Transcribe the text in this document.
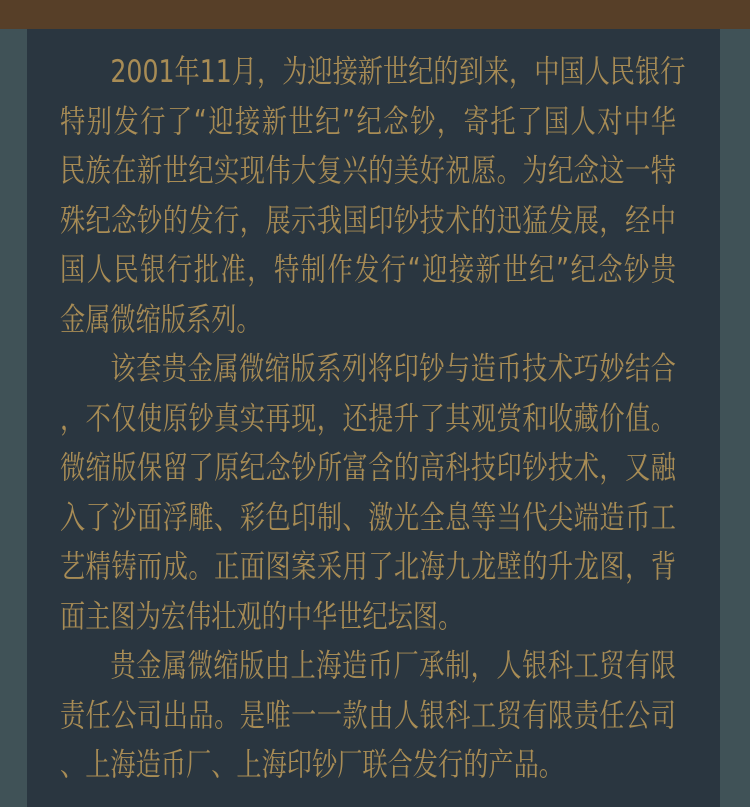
2001年11月，为迎接新世纪的到来，中国人民银行
特别发行了“迎接新世纪”纪念钞，寄托了国人对中华
民族在新世纪实现伟大复兴的美好祝愿。为纪念这一特
殊纪念钞的发行，展示我国印钞技术的迅猛发展，经中
国人民银行批准，特制作发行“迎接新世纪”纪念钞贵
金属微缩版系列。
该套贵金属微缩版系列将印钞与造币技术巧妙结合
，不仅使原钞真实再现，还提升了其观赏和收藏价值。
微缩版保留了原纪念钞所富含的高科技印钞技术，又融
入了沙面浮雕、彩色印制、激光全息等当代尖端造币工
艺精铸而成。正面图案采用了北海九龙壁的升龙图，背
面主图为宏伟壮观的中华世纪坛图。
贵金属微缩版由上海造币厂承制，人银科工贸有限
责任公司出品。是唯一一款由人银科工贸有限责任公司
、上海造币厂、上海印钞厂联合发行的产品。
